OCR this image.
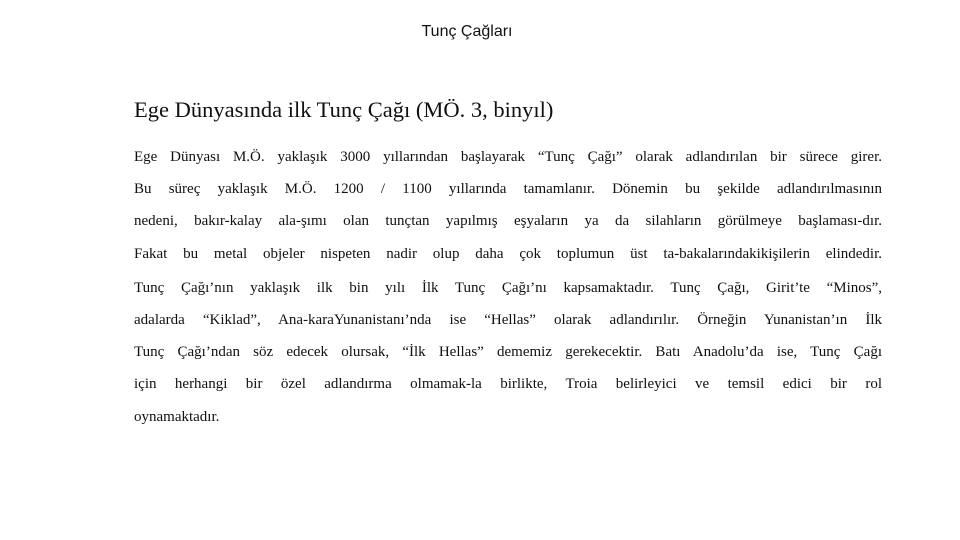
Tunç Çağları
Ege Dünyasında ilk Tunç Çağı (MÖ. 3, binyıl)
Ege Dünyası M.Ö. yaklaşık 3000 yıllarından başlayarak “Tunç Çağı” olarak adlandırılan bir sürece girer.
Bu süreç yaklaşık M.Ö. 1200 / 1100 yıllarında tamamlanır. Dönemin bu şekilde adlandırılmasının
nedeni, bakır-kalay ala-şımı olan tunçtan yapılmış eşyaların ya da silahların görülmeye başlaması-dır.
Fakat bu metal objeler nispeten nadir olup daha çok toplumun üst ta-bakalarındakikişilerin elindedir.
Tunç Çağı’nın yaklaşık ilk bin yılı İlk Tunç Çağı’nı kapsamaktadır. Tunç Çağı, Girit’te “Minos”,
adalarda “Kiklad”, Ana-karaYunanistanı’nda ise “Hellas” olarak adlandırılır. Örneğin Yunanistan’ın İlk
Tunç Çağı’ndan söz edecek olursak, “İlk Hellas” dememiz gerekecektir. Batı Anadolu’da ise, Tunç Çağı
için herhangi bir özel adlandırma olmamak-la birlikte, Troia belirleyici ve temsil edici bir rol
oynamaktadır.
